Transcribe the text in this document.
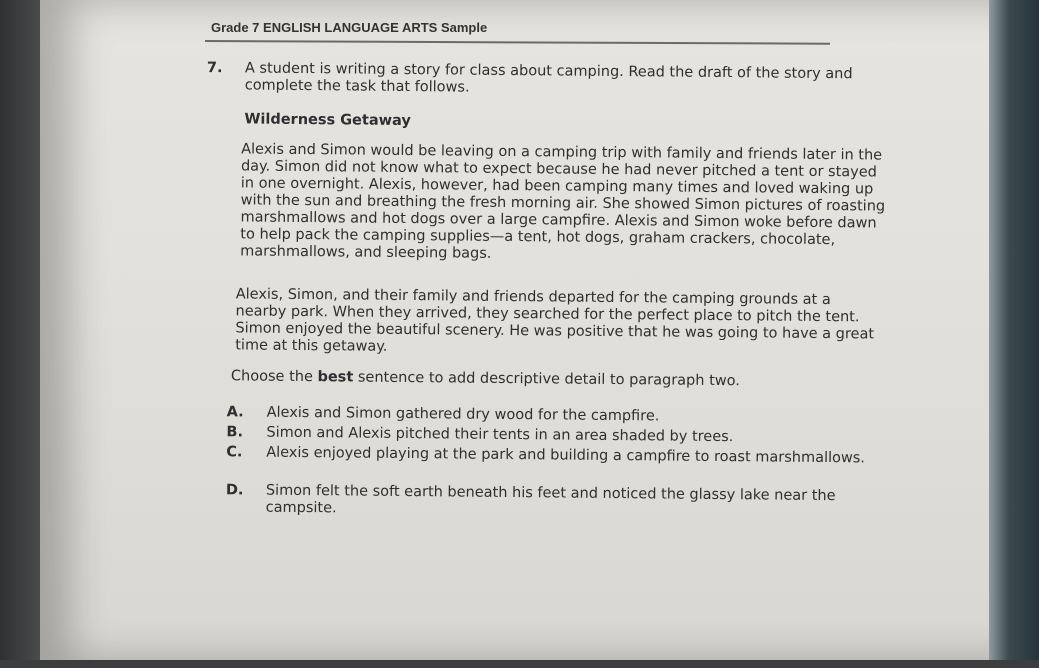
Grade 7 ENGLISH LANGUAGE ARTS Sample
7. A student is writing a story for class about camping. Read the draft of the story and complete the task that follows.
Wilderness Getaway
Alexis and Simon would be leaving on a camping trip with family and friends later in the day. Simon did not know what to expect because he had never pitched a tent or stayed in one overnight. Alexis, however, had been camping many times and loved waking up with the sun and breathing the fresh morning air. She showed Simon pictures of roasting marshmallows and hot dogs over a large campfire. Alexis and Simon woke before dawn to help pack the camping supplies—a tent, hot dogs, graham crackers, chocolate, marshmallows, and sleeping bags.
Alexis, Simon, and their family and friends departed for the camping grounds at a nearby park. When they arrived, they searched for the perfect place to pitch the tent. Simon enjoyed the beautiful scenery. He was positive that he was going to have a great time at this getaway.
Choose the best sentence to add descriptive detail to paragraph two.
A. Alexis and Simon gathered dry wood for the campfire.
B. Simon and Alexis pitched their tents in an area shaded by trees.
C. Alexis enjoyed playing at the park and building a campfire to roast marshmallows.
D. Simon felt the soft earth beneath his feet and noticed the glassy lake near the campsite.
